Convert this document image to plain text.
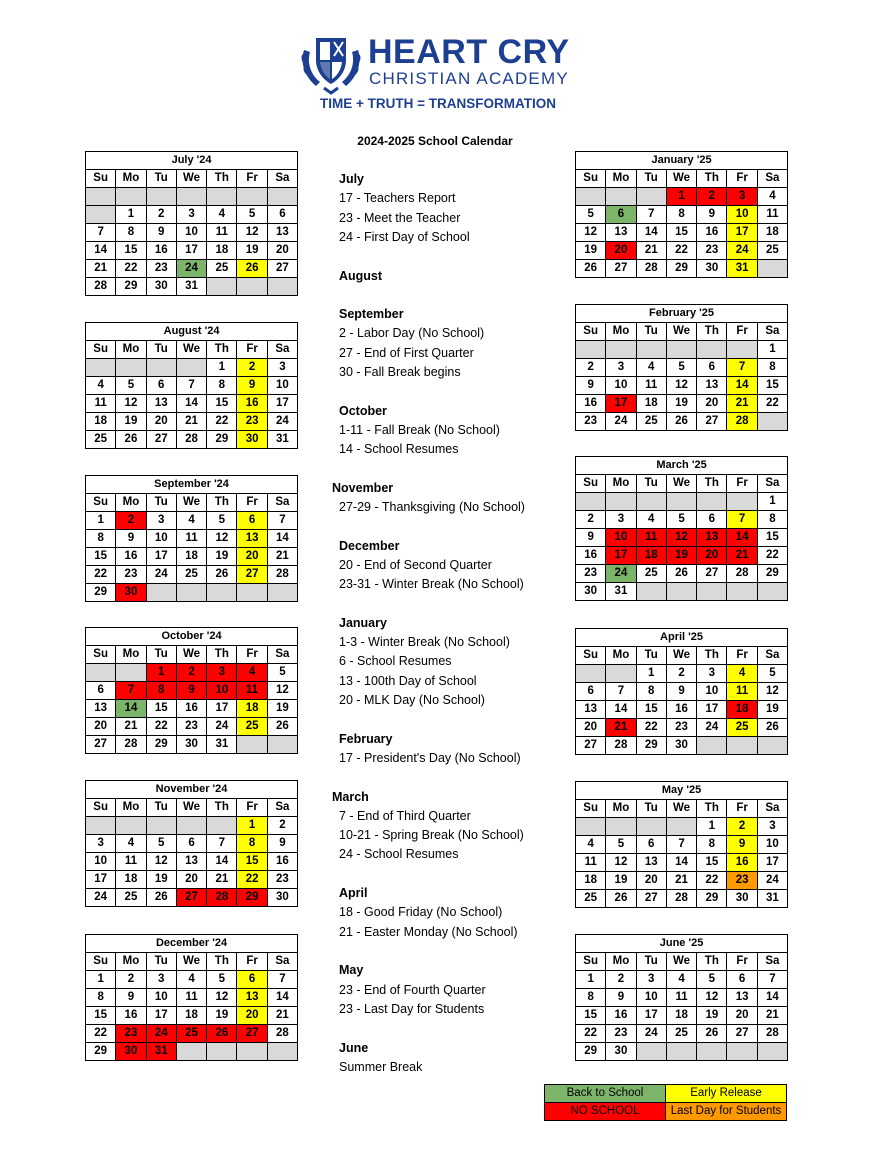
HEART CRY
CHRISTIAN ACADEMY
TIME + TRUTH = TRANSFORMATION
2024-2025 School Calendar
July '24						
Su	Mo	Tu	We	Th	Fr	Sa

	1	2	3	4	5	6
7	8	9	10	11	12	13
14	15	16	17	18	19	20
21	22	23	24	25	26	27
28	29	30	31			
August '24						
Su	Mo	Tu	We	Th	Fr	Sa
				1	2	3
4	5	6	7	8	9	10
11	12	13	14	15	16	17
18	19	20	21	22	23	24
25	26	27	28	29	30	31
September '24						
Su	Mo	Tu	We	Th	Fr	Sa
1	2	3	4	5	6	7
8	9	10	11	12	13	14
15	16	17	18	19	20	21
22	23	24	25	26	27	28
29	30					
October '24						
Su	Mo	Tu	We	Th	Fr	Sa
		1	2	3	4	5
6	7	8	9	10	11	12
13	14	15	16	17	18	19
20	21	22	23	24	25	26
27	28	29	30	31		
November '24						
Su	Mo	Tu	We	Th	Fr	Sa
					1	2
3	4	5	6	7	8	9
10	11	12	13	14	15	16
17	18	19	20	21	22	23
24	25	26	27	28	29	30
December '24						
Su	Mo	Tu	We	Th	Fr	Sa
1	2	3	4	5	6	7
8	9	10	11	12	13	14
15	16	17	18	19	20	21
22	23	24	25	26	27	28
29	30	31				
January '25						
Su	Mo	Tu	We	Th	Fr	Sa
			1	2	3	4
5	6	7	8	9	10	11
12	13	14	15	16	17	18
19	20	21	22	23	24	25
26	27	28	29	30	31	
February '25						
Su	Mo	Tu	We	Th	Fr	Sa
						1
2	3	4	5	6	7	8
9	10	11	12	13	14	15
16	17	18	19	20	21	22
23	24	25	26	27	28	
March '25						
Su	Mo	Tu	We	Th	Fr	Sa
						1
2	3	4	5	6	7	8
9	10	11	12	13	14	15
16	17	18	19	20	21	22
23	24	25	26	27	28	29
30	31					
April '25						
Su	Mo	Tu	We	Th	Fr	Sa
		1	2	3	4	5
6	7	8	9	10	11	12
13	14	15	16	17	18	19
20	21	22	23	24	25	26
27	28	29	30			
May '25						
Su	Mo	Tu	We	Th	Fr	Sa
				1	2	3
4	5	6	7	8	9	10
11	12	13	14	15	16	17
18	19	20	21	22	23	24
25	26	27	28	29	30	31
June '25						
Su	Mo	Tu	We	Th	Fr	Sa
1	2	3	4	5	6	7
8	9	10	11	12	13	14
15	16	17	18	19	20	21
22	23	24	25	26	27	28
29	30					
July
17 - Teachers Report
23 - Meet the Teacher
24 - First Day of School
August
September
2 - Labor Day (No School)
27 - End of First Quarter
30 - Fall Break begins
October
1-11 - Fall Break (No School)
14 - School Resumes
November
27-29 - Thanksgiving (No School)
December
20 - End of Second Quarter
23-31 - Winter Break (No School)
January
1-3 - Winter Break (No School)
6 - School Resumes
13 - 100th Day of School
20 - MLK Day (No School)
February
17 - President's Day (No School)
March
7 - End of Third Quarter
10-21 - Spring Break (No School)
24 - School Resumes
April
18 - Good Friday (No School)
21 - Easter Monday (No School)
May
23 - End of Fourth Quarter
23 - Last Day for Students
June
Summer Break
Back to School	Early Release
NO SCHOOL	Last Day for Students
